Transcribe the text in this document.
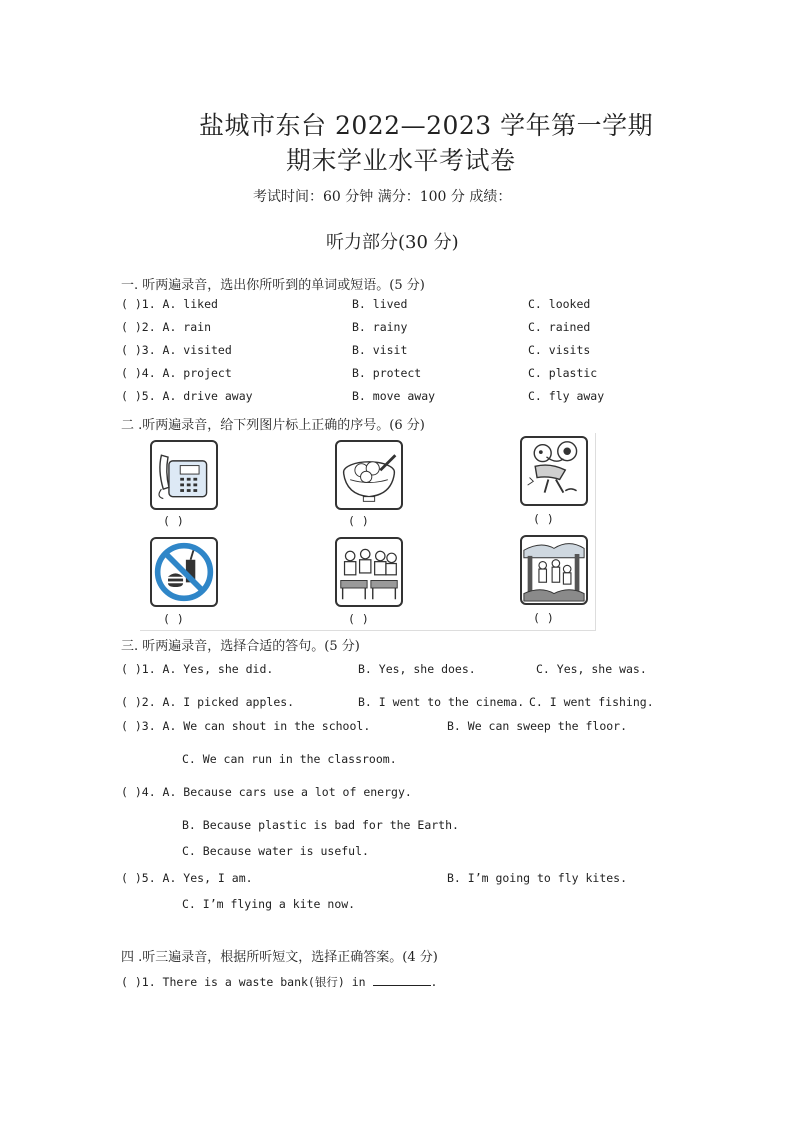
盐城市东台 2022—2023 学年第一学期
期末学业水平考试卷
考试时间：60 分钟 满分：100 分 成绩：
听力部分(30 分)
一. 听两遍录音，选出你所听到的单词或短语。(5 分)
( )1. A. liked	B. lived	C. looked
( )2. A. rain	B. rainy	C. rained
( )3. A. visited	B. visit	C. visits
( )4. A. project	B. protect	C. plastic
( )5. A. drive away	B. move away	C. fly away
二 .听两遍录音，给下列图片标上正确的序号。(6 分)
( )	( )	( )
( )	( )	( )
三. 听两遍录音，选择合适的答句。(5 分)
( )1. A. Yes, she did.	B. Yes, she does.	C. Yes, she was.
( )2. A. I picked apples.	B. I went to the cinema. C. I went fishing.
( )3. A. We can shout in the school.	B. We can sweep the floor.
C. We can run in the classroom.
( )4. A. Because cars use a lot of energy.
B. Because plastic is bad for the Earth.
C. Because water is useful.
( )5. A. Yes, I am.	B. I’m going to fly kites.
C. I’m flying a kite now.
四 .听三遍录音，根据所听短文，选择正确答案。(4 分)
( )1. There is a waste bank(银行) in	.
